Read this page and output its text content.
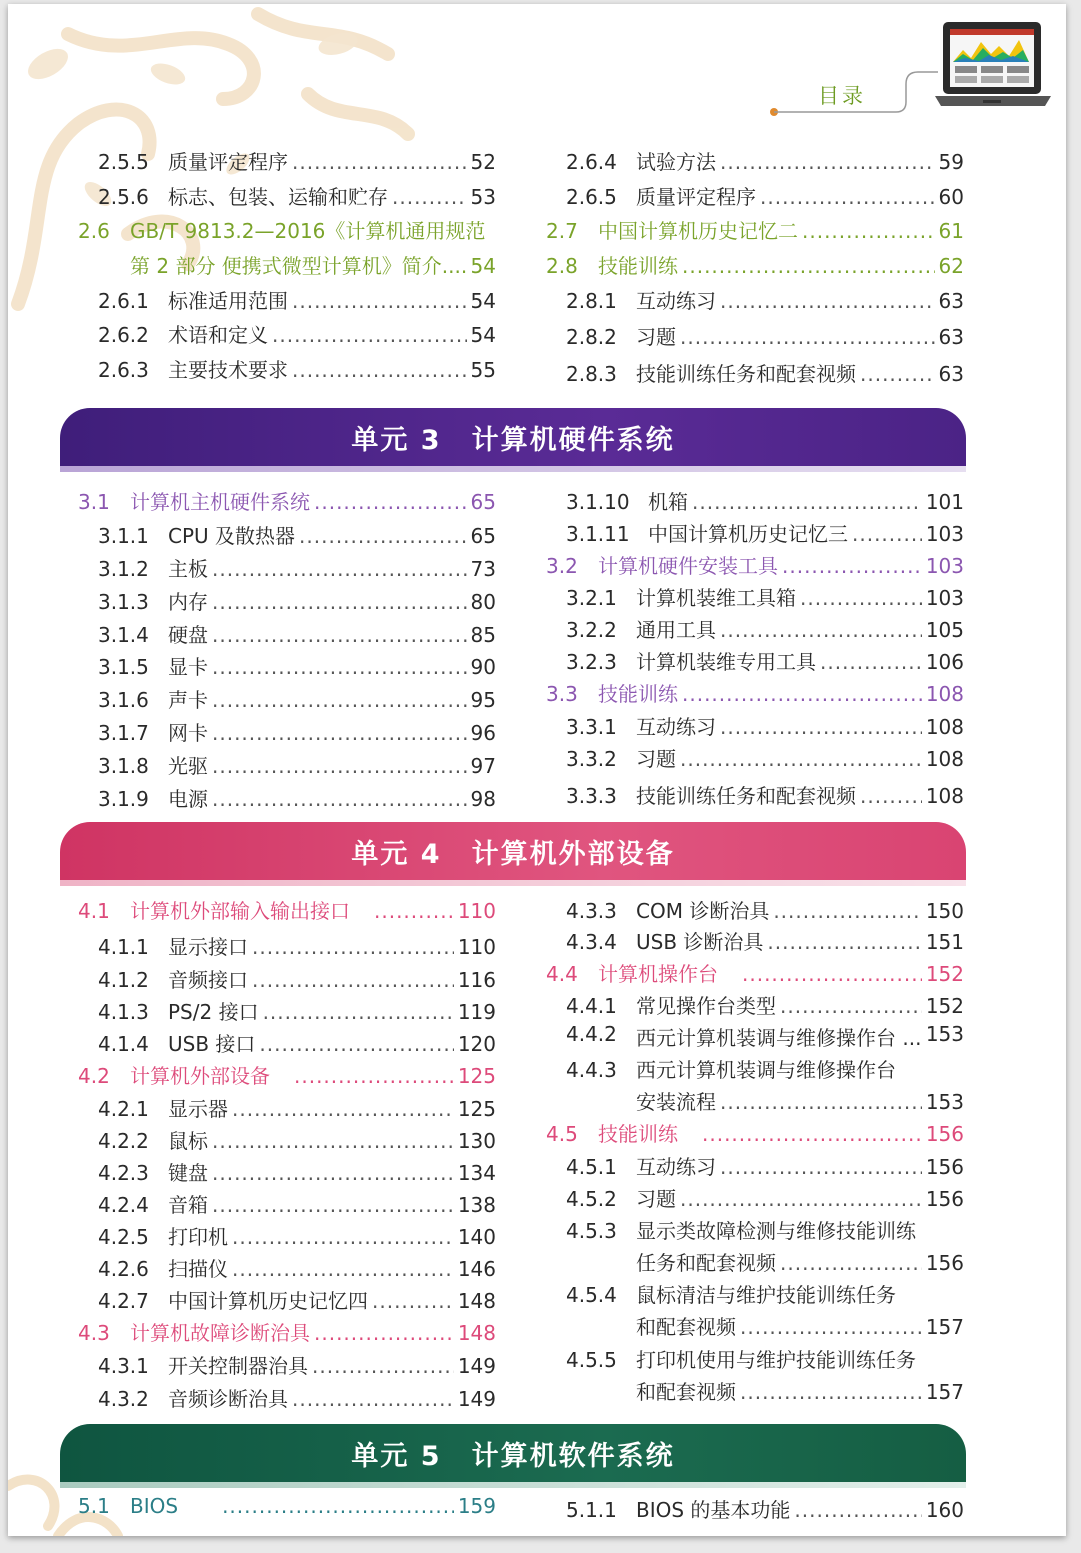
目录
2.5.5 质量评定程序 .....	52
2.5.6 标志、包装、运输和贮存 .....	53
2.6	GB/T 9813.2—2016《计算机通用规范
第 2 部分 便携式微型计算机》简介.... 54
2.6.1 标准适用范围 .....	54
2.6.2 术语和定义 .....	54
2.6.3 主要技术要求 .....	55
2.6.4 试验方法 .....	59
2.6.5 质量评定程序 .....	60
2.7	中国计算机历史记忆二 .....	61
2.8	技能训练 .....	62
2.8.1 互动练习 .....	63
2.8.2 习题 .....	63
2.8.3 技能训练任务和配套视频 .....	63
单元 3 计算机硬件系统
3.1	计算机主机硬件系统 .....	65
3.1.1 CPU 及散热器 .....	65
3.1.2 主板 .....	73
3.1.3 内存 .....	80
3.1.4 硬盘 .....	85
3.1.5 显卡 .....	90
3.1.6 声卡 .....	95
3.1.7 网卡 .....	96
3.1.8 光驱 .....	97
3.1.9 电源 .....	98
3.1.10 机箱 .....	101
3.1.11 中国计算机历史记忆三 .....	103
3.2	计算机硬件安装工具 .....	103
3.2.1 计算机装维工具箱 .....	103
3.2.2 通用工具 .....	105
3.2.3 计算机装维专用工具 .....	106
3.3	技能训练 .....	108
3.3.1 互动练习 .....	108
3.3.2 习题 .....	108
3.3.3 技能训练任务和配套视频 .....	108
单元 4 计算机外部设备
4.1	计算机外部输入输出接口 .....	110
4.1.1 显示接口 .....	110
4.1.2 音频接口 .....	116
4.1.3 PS/2 接口 .....	119
4.1.4 USB 接口 .....	120
4.2	计算机外部设备 .....	125
4.2.1 显示器 .....	125
4.2.2 鼠标 .....	130
4.2.3 键盘 .....	134
4.2.4 音箱 .....	138
4.2.5 打印机 .....	140
4.2.6 扫描仪 .....	146
4.2.7 中国计算机历史记忆四 .....	148
4.3	计算机故障诊断治具 .....	148
4.3.1 开关控制器治具 .....	149
4.3.2 音频诊断治具 .....	149
4.3.3 COM 诊断治具 .....	150
4.3.4 USB 诊断治具 .....	151
4.4	计算机操作台 .....	152
4.4.1 常见操作台类型 .....	152
4.4.2 西元计算机装调与维修操作台 ... 153
4.4.3 西元计算机装调与维修操作台
安装流程 .....	153
4.5	技能训练 .....	156
4.5.1 互动练习 .....	156
4.5.2 习题 .....	156
4.5.3 显示类故障检测与维修技能训练
任务和配套视频 .....	156
4.5.4 鼠标清洁与维护技能训练任务
和配套视频 .....	157
4.5.5 打印机使用与维护技能训练任务
和配套视频 .....	157
单元 5 计算机软件系统
5.1	BIOS .....	159	5.1.1 BIOS 的基本功能 .....	160
